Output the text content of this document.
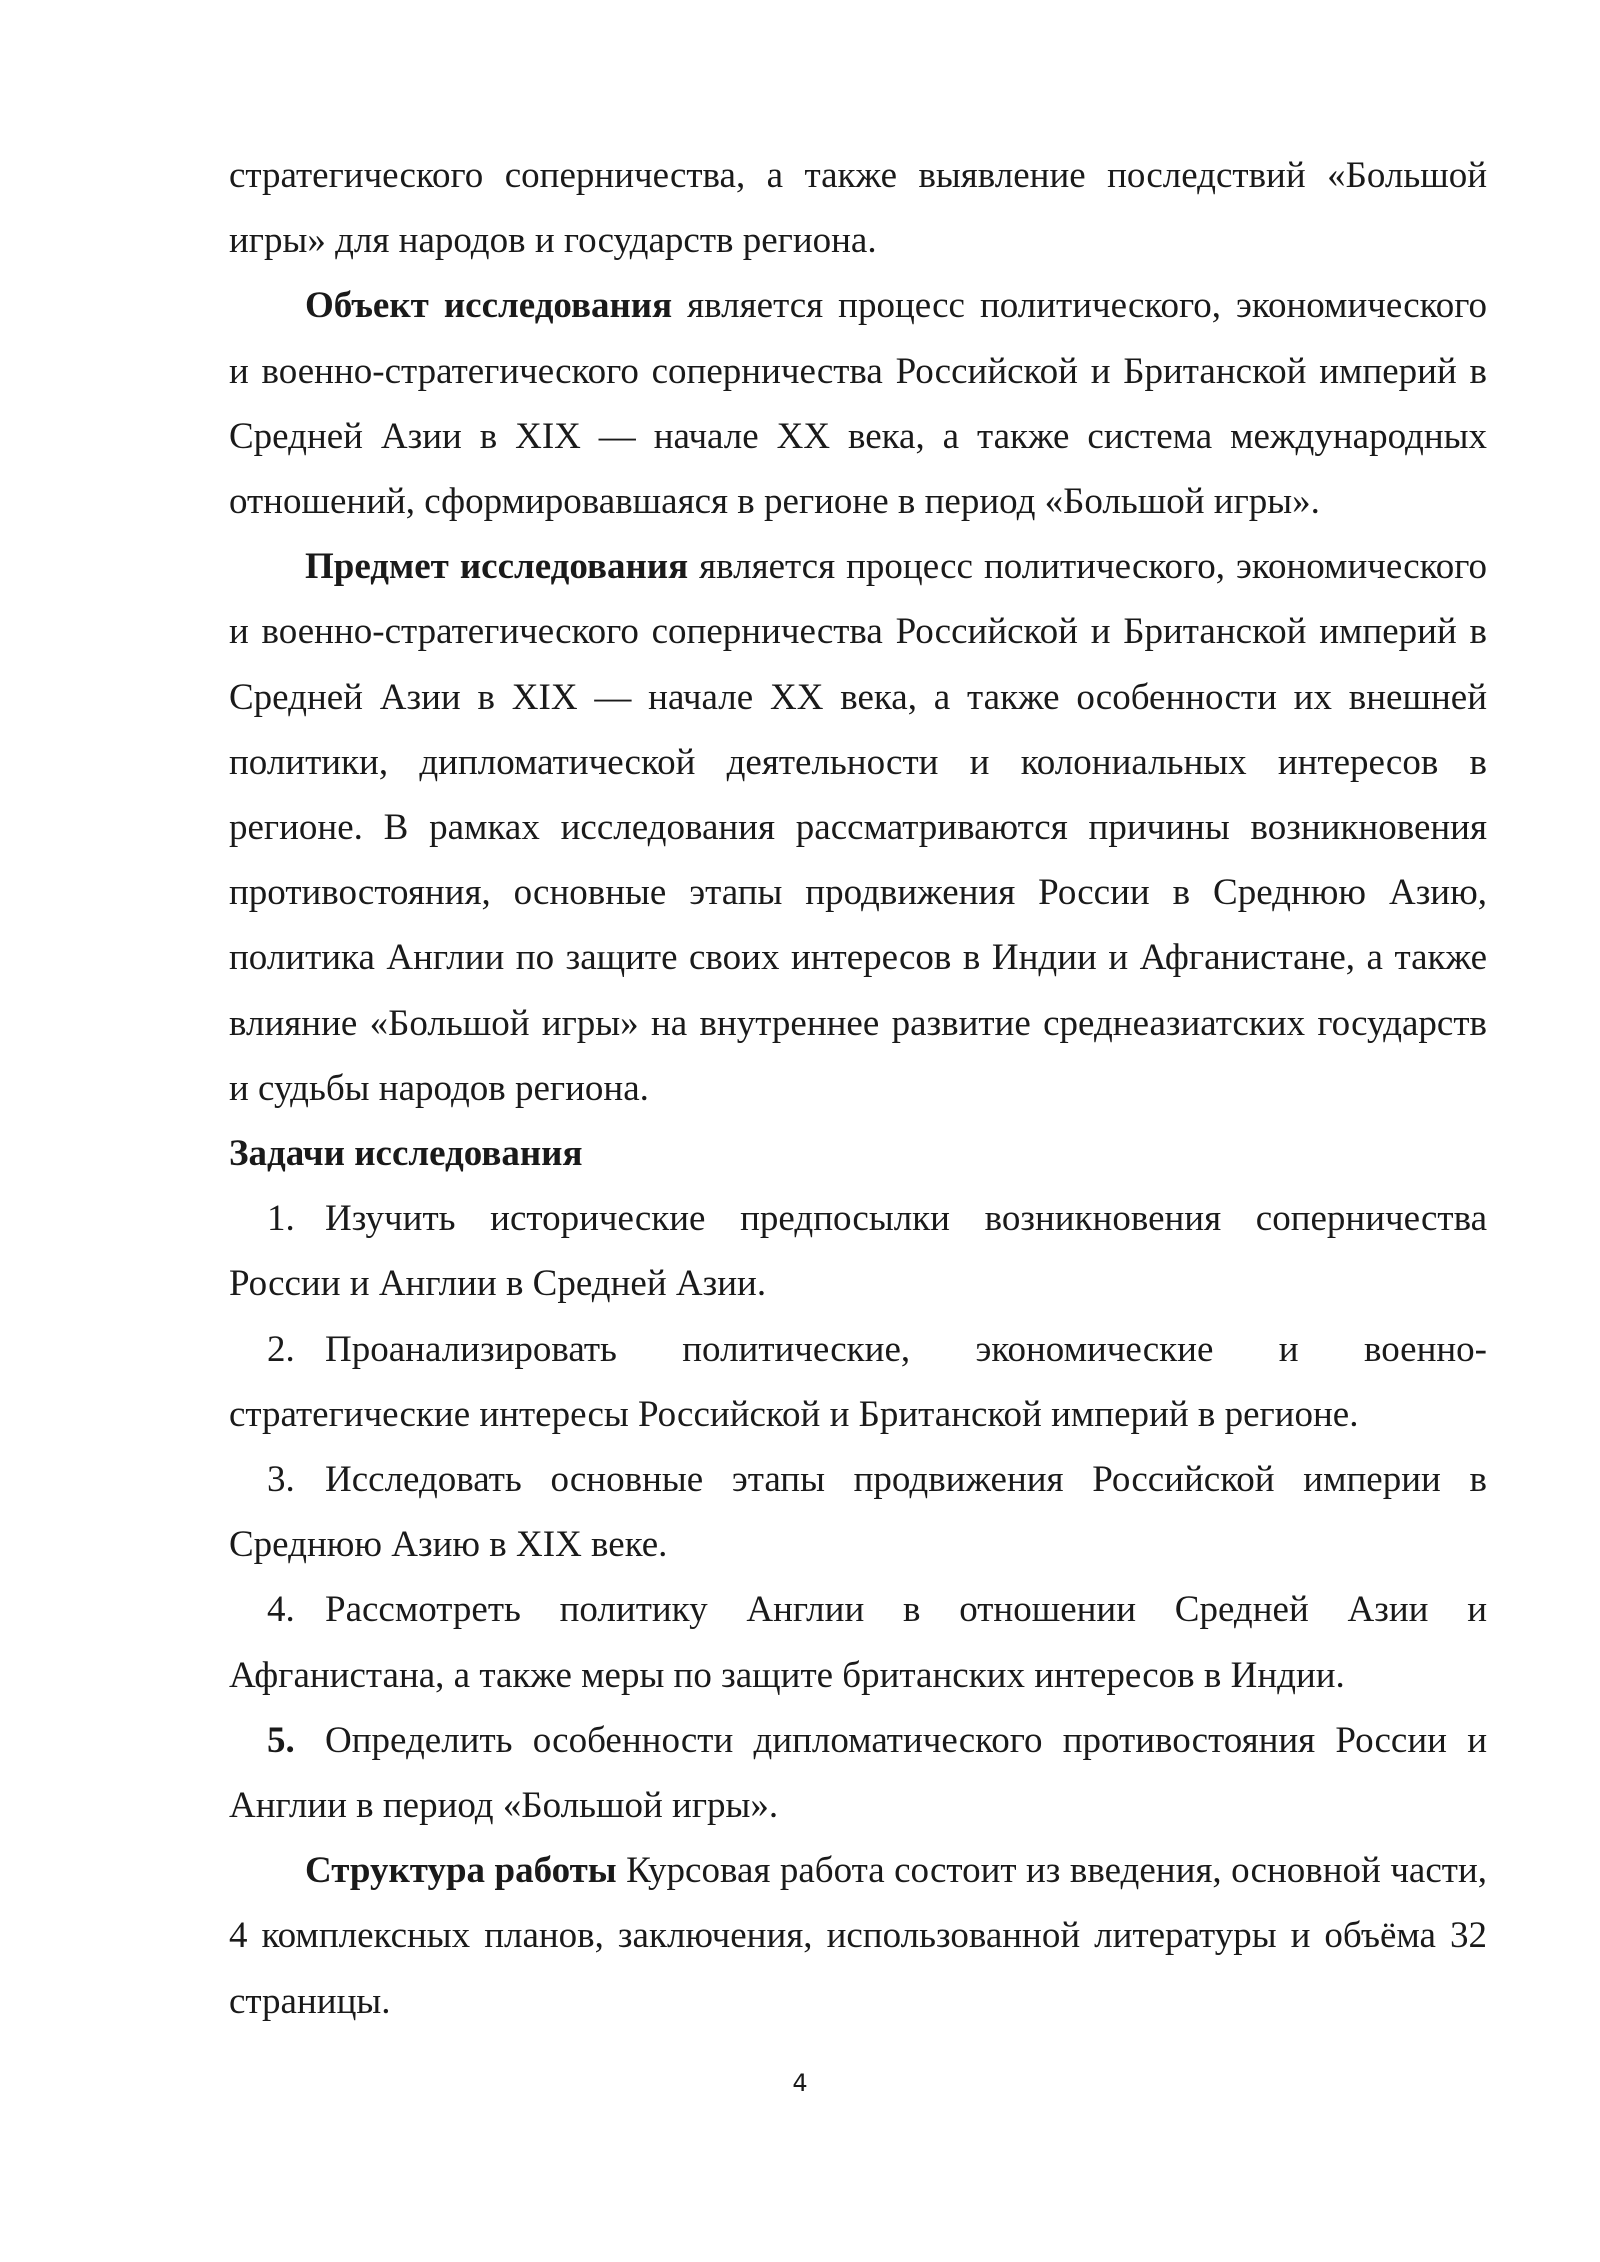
стратегического соперничества, а также выявление последствий «Большой игры» для народов и государств региона.

Объект исследования является процесс политического, экономического и военно-стратегического соперничества Российской и Британской империй в Средней Азии в XIX — начале XX века, а также система международных отношений, сформировавшаяся в регионе в период «Большой игры».

Предмет исследования является процесс политического, экономического и военно-стратегического соперничества Российской и Британской империй в Средней Азии в XIX — начале XX века, а также особенности их внешней политики, дипломатической деятельности и колониальных интересов в регионе. В рамках исследования рассматриваются причины возникновения противостояния, основные этапы продвижения России в Среднюю Азию, политика Англии по защите своих интересов в Индии и Афганистане, а также влияние «Большой игры» на внутреннее развитие среднеазиатских государств и судьбы народов региона.

Задачи исследования

1. Изучить исторические предпосылки возникновения соперничества России и Англии в Средней Азии.

2. Проанализировать политические, экономические и военно-стратегические интересы Российской и Британской империй в регионе.

3. Исследовать основные этапы продвижения Российской империи в Среднюю Азию в XIX веке.

4. Рассмотреть политику Англии в отношении Средней Азии и Афганистана, а также меры по защите британских интересов в Индии.

5. Определить особенности дипломатического противостояния России и Англии в период «Большой игры».

Структура работы Курсовая работа состоит из введения, основной части, 4 комплексных планов, заключения, использованной литературы и объёма 32 страницы.

4
